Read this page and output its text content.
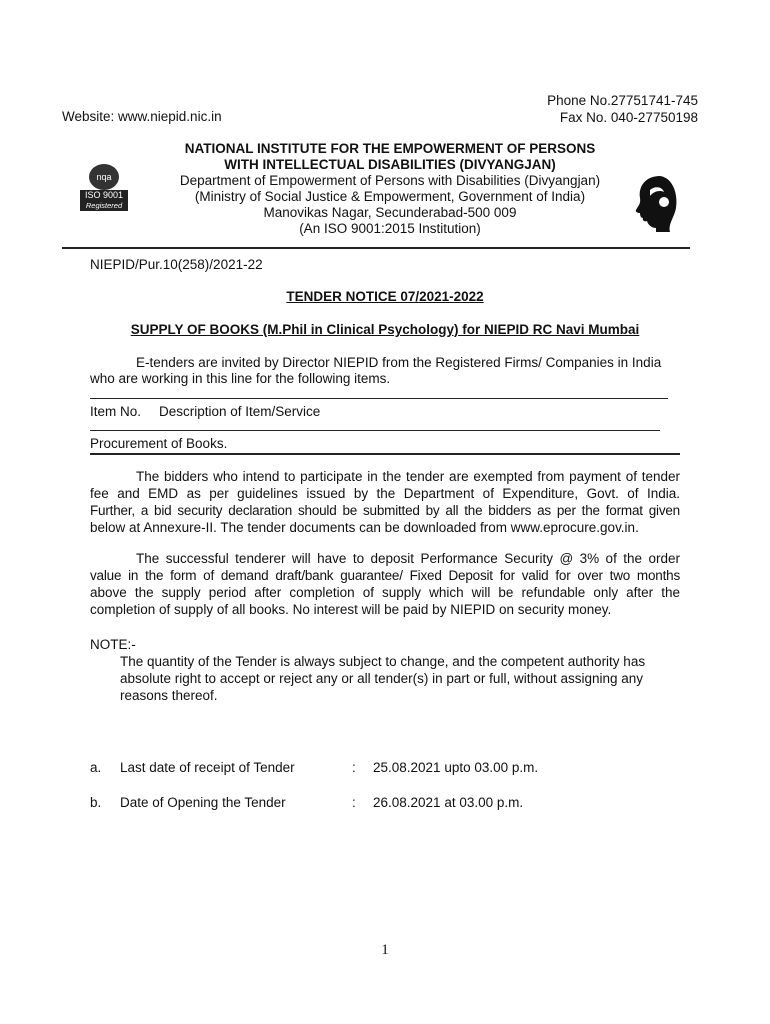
Phone No.27751741-745
Fax No. 040-27750198
Website: www.niepid.nic.in
nqa
ISO 9001
Registered
NATIONAL INSTITUTE FOR THE EMPOWERMENT OF PERSONS
WITH INTELLECTUAL DISABILITIES (DIVYANGJAN)
Department of Empowerment of Persons with Disabilities (Divyangjan)
(Ministry of Social Justice & Empowerment, Government of India)
Manovikas Nagar, Secunderabad-500 009
(An ISO 9001:2015 Institution)
NIEPID/Pur.10(258)/2021-22
TENDER NOTICE 07/2021-2022
SUPPLY OF BOOKS (M.Phil in Clinical Psychology) for NIEPID RC Navi Mumbai
E-tenders are invited by Director NIEPID from the Registered Firms/ Companies in India
who are working in this line for the following items.
Item No. Description of Item/Service
Procurement of Books.
The bidders who intend to participate in the tender are exempted from payment of tender
fee and EMD as per guidelines issued by the Department of Expenditure, Govt. of India.
Further, a bid security declaration should be submitted by all the bidders as per the format given
below at Annexure-II. The tender documents can be downloaded from www.eprocure.gov.in.
The successful tenderer will have to deposit Performance Security @ 3% of the order
value in the form of demand draft/bank guarantee/ Fixed Deposit for valid for over two months
above the supply period after completion of supply which will be refundable only after the
completion of supply of all books. No interest will be paid by NIEPID on security money.
NOTE:-
The quantity of the Tender is always subject to change, and the competent authority has
absolute right to accept or reject any or all tender(s) in part or full, without assigning any
reasons thereof.
a. Last date of receipt of Tender	: 25.08.2021 upto 03.00 p.m.
b. Date of Opening the Tender	: 26.08.2021 at 03.00 p.m.
1
